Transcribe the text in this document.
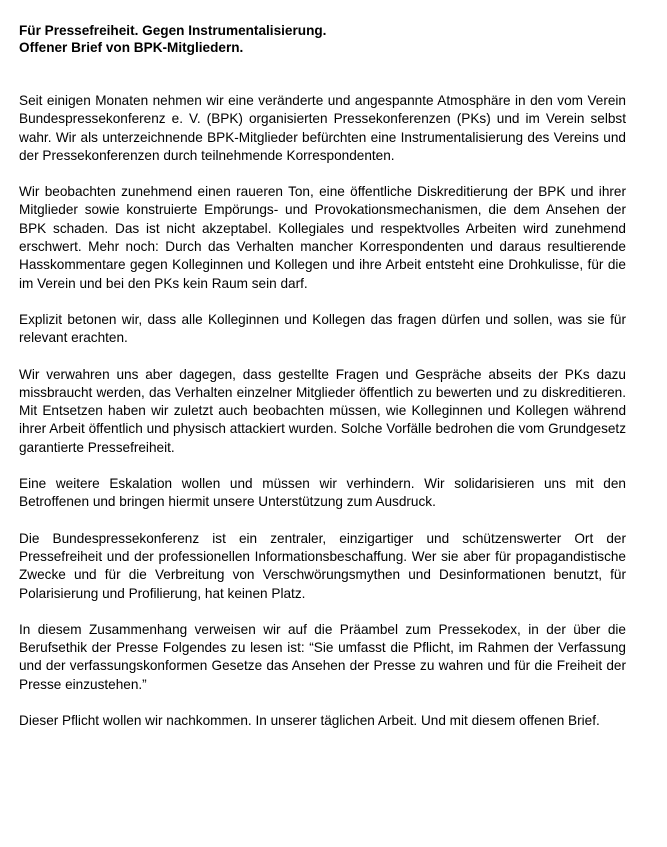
Für Pressefreiheit. Gegen Instrumentalisierung.
Offener Brief von BPK-Mitgliedern.

Seit einigen Monaten nehmen wir eine veränderte und angespannte Atmosphäre in den vom Verein Bundespressekonferenz e. V. (BPK) organisierten Pressekonferenzen (PKs) und im Verein selbst wahr. Wir als unterzeichnende BPK-Mitglieder befürchten eine Instrumentalisierung des Vereins und der Pressekonferenzen durch teilnehmende Korrespondenten.

Wir beobachten zunehmend einen raueren Ton, eine öffentliche Diskreditierung der BPK und ihrer Mitglieder sowie konstruierte Empörungs- und Provokationsmechanismen, die dem Ansehen der BPK schaden. Das ist nicht akzeptabel. Kollegiales und respektvolles Arbeiten wird zunehmend erschwert. Mehr noch: Durch das Verhalten mancher Korrespondenten und daraus resultierende Hasskommentare gegen Kolleginnen und Kollegen und ihre Arbeit entsteht eine Drohkulisse, für die im Verein und bei den PKs kein Raum sein darf.

Explizit betonen wir, dass alle Kolleginnen und Kollegen das fragen dürfen und sollen, was sie für relevant erachten.

Wir verwahren uns aber dagegen, dass gestellte Fragen und Gespräche abseits der PKs dazu missbraucht werden, das Verhalten einzelner Mitglieder öffentlich zu bewerten und zu diskreditieren. Mit Entsetzen haben wir zuletzt auch beobachten müssen, wie Kolleginnen und Kollegen während ihrer Arbeit öffentlich und physisch attackiert wurden. Solche Vorfälle bedrohen die vom Grundgesetz garantierte Pressefreiheit.

Eine weitere Eskalation wollen und müssen wir verhindern. Wir solidarisieren uns mit den Betroffenen und bringen hiermit unsere Unterstützung zum Ausdruck.

Die Bundespressekonferenz ist ein zentraler, einzigartiger und schützenswerter Ort der Pressefreiheit und der professionellen Informationsbeschaffung. Wer sie aber für propagandistische Zwecke und für die Verbreitung von Verschwörungsmythen und Desinformationen benutzt, für Polarisierung und Profilierung, hat keinen Platz.

In diesem Zusammenhang verweisen wir auf die Präambel zum Pressekodex, in der über die Berufsethik der Presse Folgendes zu lesen ist: “Sie umfasst die Pflicht, im Rahmen der Verfassung und der verfassungskonformen Gesetze das Ansehen der Presse zu wahren und für die Freiheit der Presse einzustehen.”

Dieser Pflicht wollen wir nachkommen. In unserer täglichen Arbeit. Und mit diesem offenen Brief.
